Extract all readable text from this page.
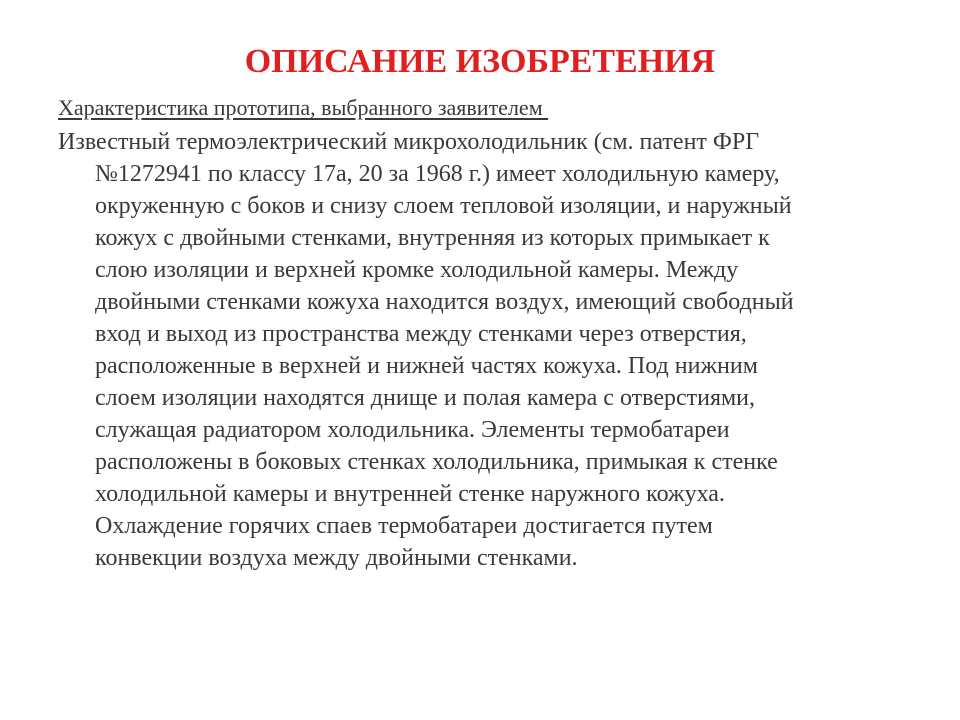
ОПИСАНИЕ ИЗОБРЕТЕНИЯ
Характеристика прототипа, выбранного заявителем
Известный термоэлектрический микрохолодильник (см. патент ФРГ
№1272941 по классу 17а, 20 за 1968 г.) имеет холодильную камеру,
окруженную с боков и снизу слоем тепловой изоляции, и наружный
кожух с двойными стенками, внутренняя из которых примыкает к
слою изоляции и верхней кромке холодильной камеры. Между
двойными стенками кожуха находится воздух, имеющий свободный
вход и выход из пространства между стенками через отверстия,
расположенные в верхней и нижней частях кожуха. Под нижним
слоем изоляции находятся днище и полая камера с отверстиями,
служащая радиатором холодильника. Элементы термобатареи
расположены в боковых стенках холодильника, примыкая к стенке
холодильной камеры и внутренней стенке наружного кожуха.
Охлаждение горячих спаев термобатареи достигается путем
конвекции воздуха между двойными стенками.
